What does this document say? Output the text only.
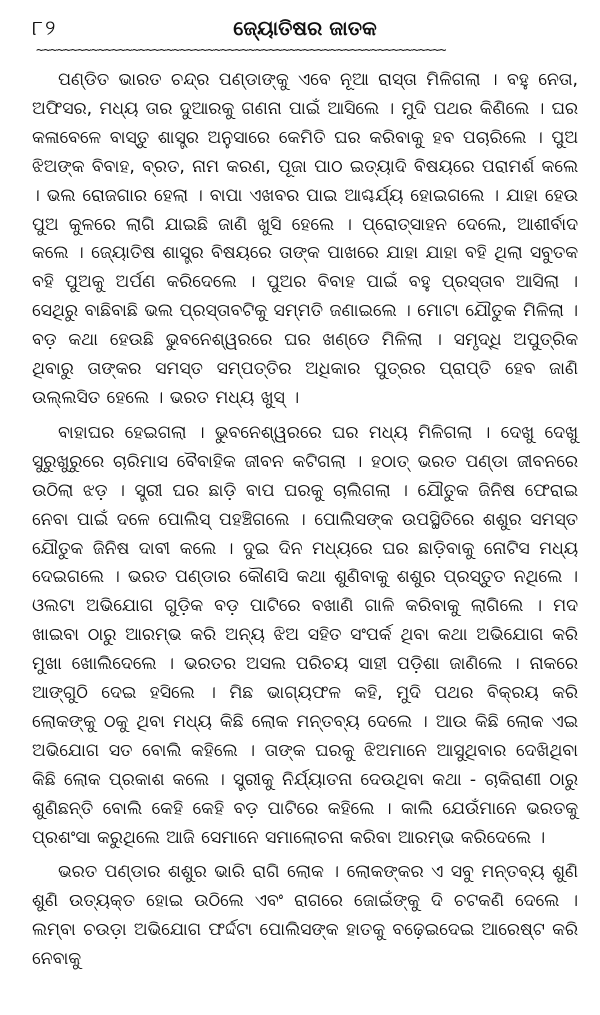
୮୨	ଜ୍ୟୋତିଷର ଜାତକ
~~~~~~~~~~~~~~~~~~~~~~~~~~~~~~~~~~~~~~~~~~~~~~~~~~~~~~~~~~~~

ପଣ୍ଡିତ ଭାରତ ଚନ୍ଦ୍ର ପଣ୍ଡାଙ୍କୁ ଏବେ ନୂଆ ରାସ୍ତା ମିଳିଗଲା । ବହୁ ନେତା, ଅଫିସର, ମଧ୍ୟ ତାର ଦୁଆରକୁ ଗଣନା ପାଇଁ ଆସିଲେ । ମୁଦି ପଥର କିଣିଲେ । ଘର କଳାବେଳେ ବାସ୍ତୁ ଶାସ୍ତ୍ର ଅନୁସାରେ କେମିତି ଘର କରିବାକୁ ହବ ପଚାରିଲେ । ପୁଅ ଝିଅଙ୍କ ବିବାହ, ବ୍ରତ, ନାମ କରଣ, ପୂଜା ପାଠ ଇତ୍ୟାଦି ବିଷୟରେ ପରାମର୍ଶ କଲେ । ଭଲ ରୋଜଗାର ହେଲା । ବାପା ଏଖବର ପାଇ ଆଶ୍ଚର୍ଯ୍ୟ ହୋଇଗଲେ । ଯାହା ହେଉ ପୁଅ କୁଳରେ ଲାଗି ଯାଇଛି ଜାଣି ଖୁସି ହେଲେ । ପ୍ରୋତ୍ସାହନ ଦେଲେ, ଆଶୀର୍ବାଦ କଲେ । ଜ୍ୟୋତିଷ ଶାସ୍ତ୍ର ବିଷୟରେ ତାଙ୍କ ପାଖରେ ଯାହା ଯାହା ବହି ଥିଲା ସବୁତକ ବହି ପୁଅକୁ ଅର୍ପଣ କରିଦେଲେ । ପୁଅର ବିବାହ ପାଇଁ ବହୁ ପ୍ରସ୍ତାବ ଆସିଲା । ସେଥିରୁ ବାଛିବାଛି ଭଲ ପ୍ରସ୍ତାବଟିକୁ ସମ୍ମତି ଜଣାଇଲେ । ମୋଟା ଯୌତୁକ ମିଳିଲା । ବଡ଼ କଥା ହେଉଛି ଭୁବନେଶ୍ୱରରେ ଘର ଖଣ୍ଡେ ମିଳିଲା । ସମୃଦ୍ଧି ଅପୁତ୍ରିକ ଥିବାରୁ ତାଙ୍କର ସମସ୍ତ ସମ୍ପତ୍ତିର ଅଧିକାର ପୁତ୍ରର ପ୍ରାପ୍ତି ହେବ ଜାଣି ଉଲ୍ଲସିତ ହେଲେ । ଭରତ ମଧ୍ୟ ଖୁସ୍ ।

ବାହାଘର ହେଇଗଲା । ଭୁବନେଶ୍ୱରରେ ଘର ମଧ୍ୟ ମିଳିଗଲା । ଦେଖୁ ଦେଖୁ ସୁରୁଖୁରୁରେ ଚାରିମାସ ବୈବାହିକ ଜୀବନ କଟିଗଲା । ହଠାତ୍ ଭରତ ପଣ୍ଡା ଜୀବନରେ ଉଠିଲା ଝଡ଼ । ସ୍ତ୍ରୀ ଘର ଛାଡ଼ି ବାପ ଘରକୁ ଚାଲିଗଲା । ଯୌତୁକ ଜିନିଷ ଫେରାଇ ନେବା ପାଇଁ ଦଳେ ପୋଲିସ୍ ପହଞ୍ଚିଗଲେ । ପୋଲିସଙ୍କ ଉପସ୍ଥିତିରେ ଶଶୁର ସମସ୍ତ ଯୌତୁକ ଜିନିଷ ଦାବୀ କଲେ । ଦୁଇ ଦିନ ମଧ୍ୟରେ ଘର ଛାଡ଼ିବାକୁ ନୋଟିସ ମଧ୍ୟ ଦେଇଗଲେ । ଭରତ ପଣ୍ଡାର କୌଣସି କଥା ଶୁଣିବାକୁ ଶଶୁର ପ୍ରସ୍ତୁତ ନଥିଲେ । ଓଲଟା ଅଭିଯୋଗ ଗୁଡ଼ିକ ବଡ଼ ପାଟିରେ ବଖାଣି ଗାଳି କରିବାକୁ ଲାଗିଲେ । ମଦ ଖାଇବା ଠାରୁ ଆରମ୍ଭ କରି ଅନ୍ୟ ଝିଅ ସହିତ ସଂପର୍କ ଥିବା କଥା ଅଭିଯୋଗ କରି ମୁଖା ଖୋଲିଦେଲେ । ଭରତର ଅସଲ ପରିଚୟ ସାହୀ ପଡ଼ିଶା ଜାଣିଲେ । ନାକରେ ଆଙ୍ଗୁଠି ଦେଇ ହସିଲେ । ମିଛ ଭାଗ୍ୟଫଳ କହି, ମୁଦି ପଥର ବିକ୍ରୟ କରି ଲୋକଙ୍କୁ ଠକୁ ଥିବା ମଧ୍ୟ କିଛି ଲୋକ ମନ୍ତବ୍ୟ ଦେଲେ । ଆଉ କିଛି ଲୋକ ଏଇ ଅଭିଯୋଗ ସତ ବୋଲି କହିଲେ । ତାଙ୍କ ଘରକୁ ଝିଅମାନେ ଆସୁଥିବାର ଦେଖିଥିବା କିଛି ଲୋକ ପ୍ରକାଶ କଲେ । ସ୍ତ୍ରୀକୁ ନିର୍ଯ୍ୟାତନା ଦେଉଥିବା କଥା - ଚାକିରାଣୀ ଠାରୁ ଶୁଣିଛନ୍ତି ବୋଲି କେହି କେହି ବଡ଼ ପାଟିରେ କହିଲେ । କାଲି ଯେଉଁମାନେ ଭରତକୁ ପ୍ରଶଂସା କରୁଥିଲେ ଆଜି ସେମାନେ ସମାଲୋଚନା କରିବା ଆରମ୍ଭ କରିଦେଲେ ।

ଭରତ ପଣ୍ଡାର ଶଶୁର ଭାରି ରାଗି ଲୋକ । ଲୋକଙ୍କର ଏ ସବୁ ମନ୍ତବ୍ୟ ଶୁଣି ଶୁଣି ଉତ୍ୟକ୍ତ ହୋଇ ଉଠିଲେ ଏବଂ ରାଗରେ ଜୋଇଁଙ୍କୁ ଦି ଚଟକଣି ଦେଲେ । ଲମ୍ବା ଚଉଡ଼ା ଅଭିଯୋଗ ଫର୍ଦ୍ଦଟା ପୋଲିସଙ୍କ ହାତକୁ ବଢ଼େଇଦେଇ ଆରେଷ୍ଟ କରି ନେବାକୁ
